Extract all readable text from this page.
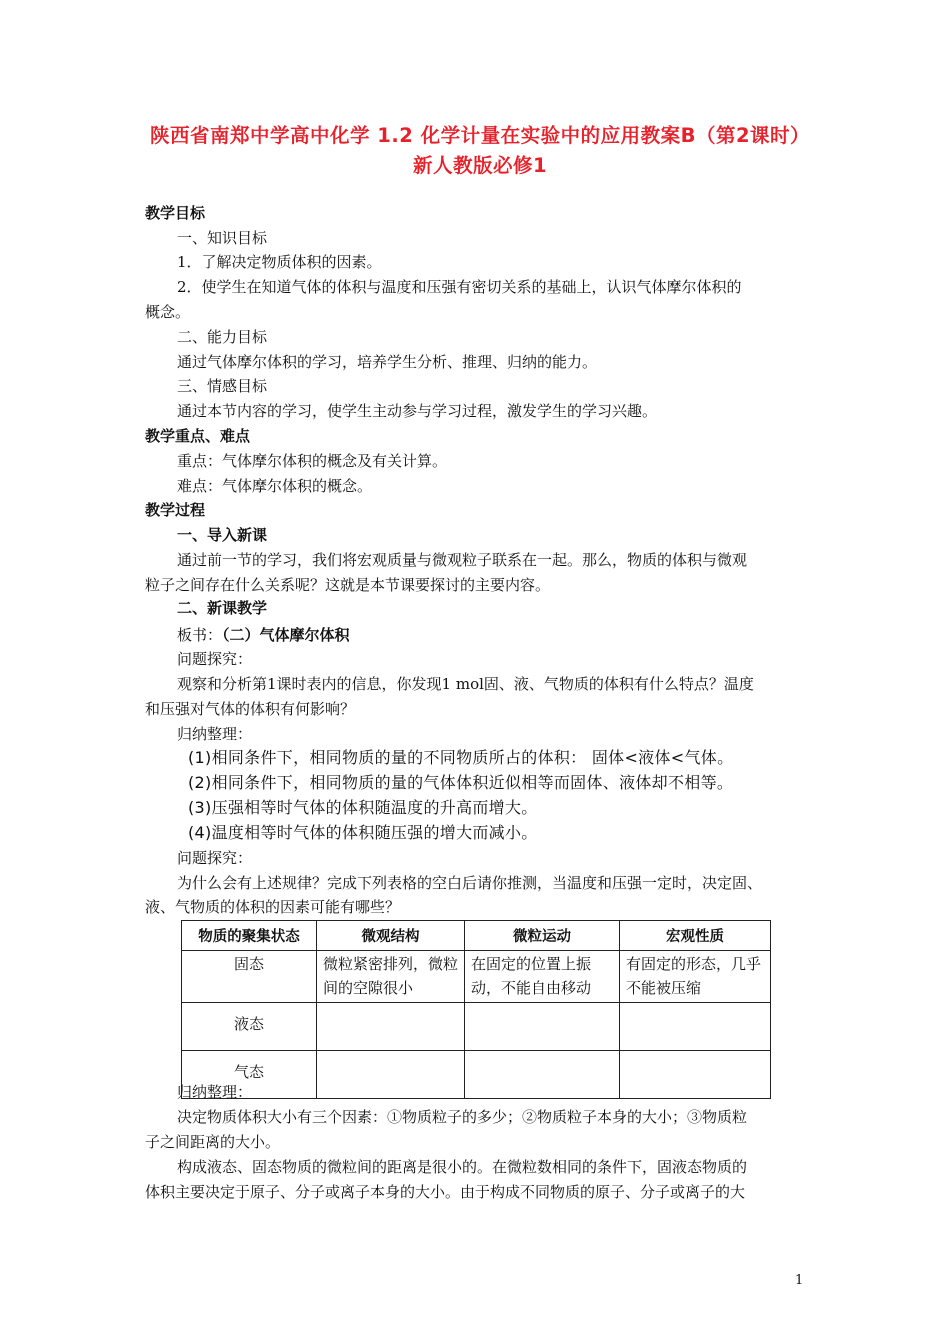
陕西省南郑中学高中化学 1.2 化学计量在实验中的应用教案B（第2课时）新人教版必修1
教学目标
一、知识目标
1．了解决定物质体积的因素。
2．使学生在知道气体的体积与温度和压强有密切关系的基础上，认识气体摩尔体积的
概念。
二、能力目标
通过气体摩尔体积的学习，培养学生分析、推理、归纳的能力。
三、情感目标
通过本节内容的学习，使学生主动参与学习过程，激发学生的学习兴趣。
教学重点、难点
重点：气体摩尔体积的概念及有关计算。
难点：气体摩尔体积的概念。
教学过程
一、导入新课
通过前一节的学习，我们将宏观质量与微观粒子联系在一起。那么，物质的体积与微观
粒子之间存在什么关系呢？这就是本节课要探讨的主要内容。
二、新课教学
板书：（二）气体摩尔体积
问题探究：
观察和分析第1课时表内的信息，你发现1 mol固、液、气物质的体积有什么特点？温度
和压强对气体的体积有何影响？
归纳整理：
(1)相同条件下，相同物质的量的不同物质所占的体积： 固体<液体<气体。
(2)相同条件下，相同物质的量的气体体积近似相等而固体、液体却不相等。
(3)压强相等时气体的体积随温度的升高而增大。
(4)温度相等时气体的体积随压强的增大而减小。
问题探究：
为什么会有上述规律？完成下列表格的空白后请你推测，当温度和压强一定时，决定固、
液、气物质的体积的因素可能有哪些？
物质的聚集状态	微观结构	微粒运动	宏观性质
固态	微粒紧密排列，微粒间的空隙很小	在固定的位置上振动，不能自由移动	有固定的形态，几乎不能被压缩
液态			
气态			
归纳整理：
决定物质体积大小有三个因素：①物质粒子的多少；②物质粒子本身的大小；③物质粒
子之间距离的大小。
构成液态、固态物质的微粒间的距离是很小的。在微粒数相同的条件下，固液态物质的
体积主要决定于原子、分子或离子本身的大小。由于构成不同物质的原子、分子或离子的大
1
